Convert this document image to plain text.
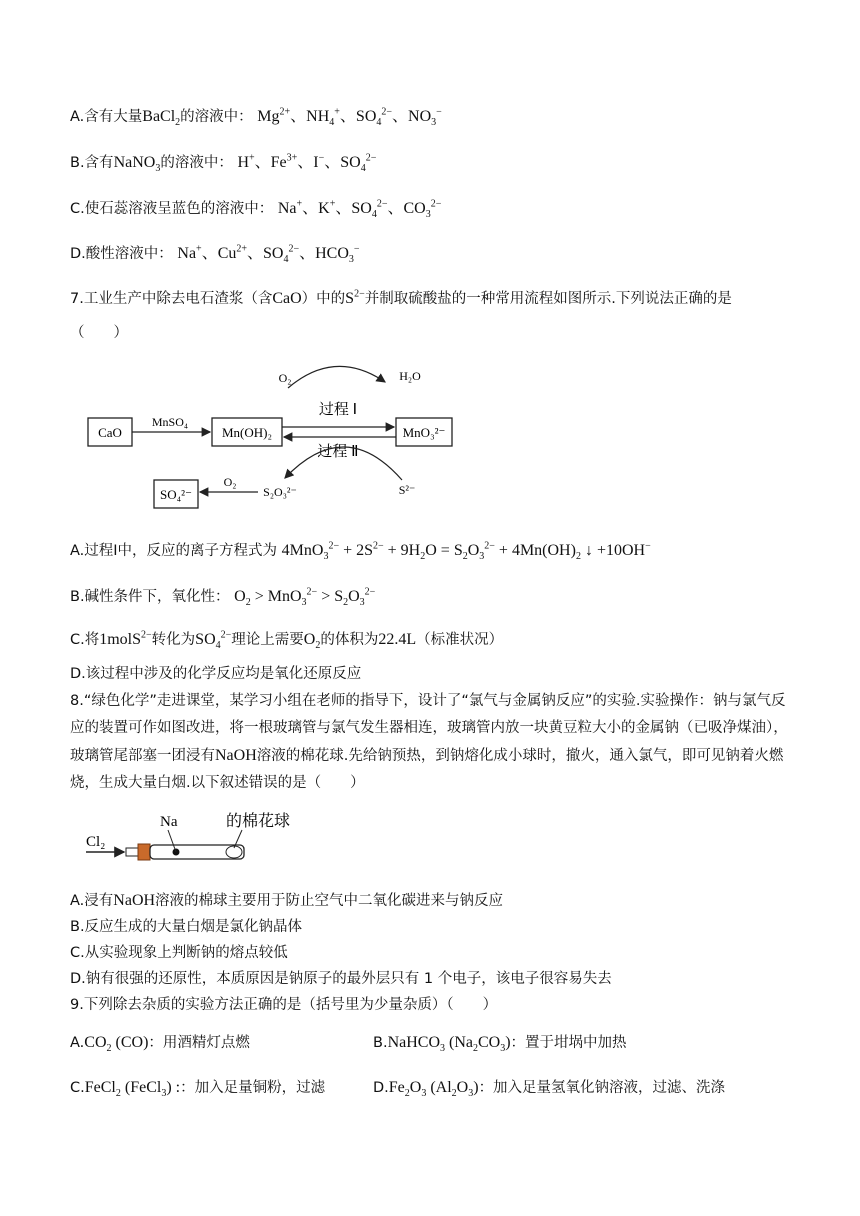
A.含有大量BaCl$_2$的溶液中： $Mg^{2+}$、$NH_4^+$、$SO_4^{2-}$、$NO_3^-$
B.含有NaNO$_3$的溶液中： H+、$Fe^{3+}$、I−、$SO_4^{2-}$
C.使石蕊溶液呈蓝色的溶液中： Na+、K+、$SO_4^{2-}$、$CO_3^{2-}$
D.酸性溶液中： Na+、$Cu^{2+}$、$SO_4^{2-}$、$HCO_3^-$
7.工业生产中除去电石渣浆（含CaO）中的$S^{2-}$并制取硫酸盐的一种常用流程如图所示.下列说法正确的是
（　　）
CaO	Mn(OH)₂	MnO₃²⁻
SO₄²⁻
MnSO₄
过程 Ⅰ
过程 Ⅱ
O₂	H₂O
S²⁻
S₂O₃²⁻
O₂
A.过程Ⅰ中，反应的离子方程式为 $4MnO_3^{2-} + 2S^{2-} + 9H_2O = S_2O_3^{2-} + 4Mn(OH)_2$ ↓ +10OH−
B.碱性条件下，氧化性： $O_2 > MnO_3^{2-} > S_2O_3^{2-}$
C.将1molS$^{2-}$转化为$SO_4^{2-}$理论上需要$O_2$的体积为22.4L（标准状况）
D.该过程中涉及的化学反应均是氧化还原反应
8.“绿色化学”走进课堂，某学习小组在老师的指导下，设计了“氯气与金属钠反应”的实验.实验操作：钠与氯气反应的装置可作如图改进，将一根玻璃管与氯气发生器相连，玻璃管内放一块黄豆粒大小的金属钠（已吸净煤油），玻璃管尾部塞一团浸有NaOH溶液的棉花球.先给钠预热，到钠熔化成小球时，撤火，通入氯气，即可见钠着火燃烧，生成大量白烟.以下叙述错误的是（　　）
Cl₂
Na	的棉花球
A.浸有NaOH溶液的棉球主要用于防止空气中二氧化碳进来与钠反应
B.反应生成的大量白烟是氯化钠晶体
C.从实验现象上判断钠的熔点较低
D.钠有很强的还原性，本质原因是钠原子的最外层只有 1 个电子，该电子很容易失去
9.下列除去杂质的实验方法正确的是（括号里为少量杂质）（　　）
$A.CO_2$ (CO)：用酒精灯点燃	B.NaHCO$_3$ $(Na_2CO_3)$：置于坩埚中加热
C.FeCl$_2$ (FeCl$_3$) :：加入足量铜粉，过滤	$D.Fe_2O_3$ $(Al_2O_3)$：加入足量氢氧化钠溶液，过滤、洗涤
